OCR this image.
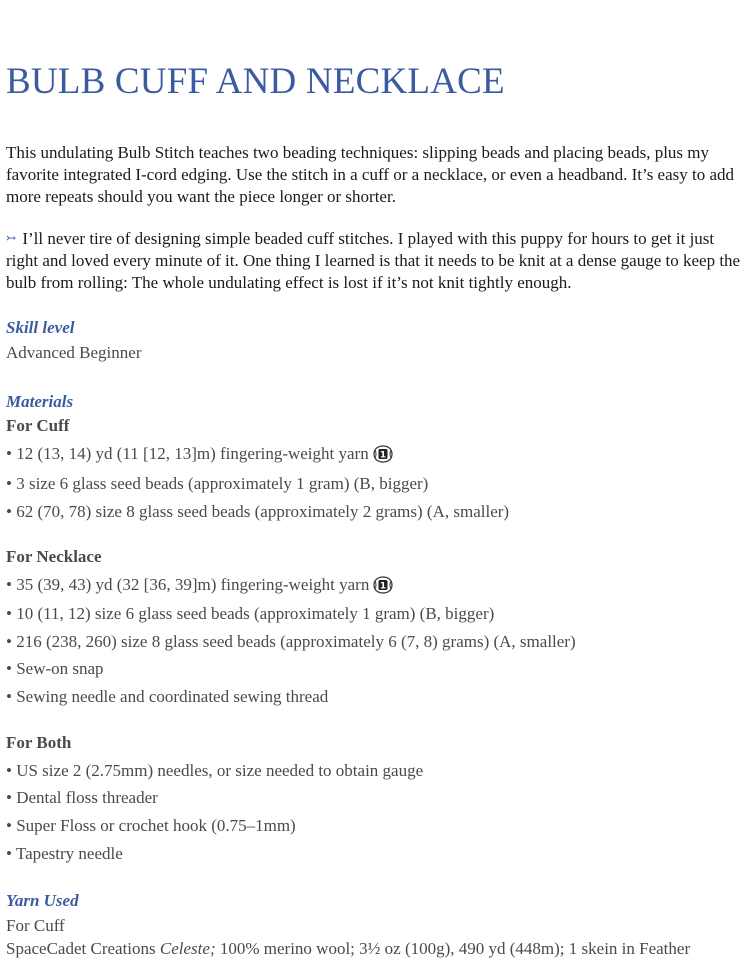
BULB CUFF AND NECKLACE

This undulating Bulb Stitch teaches two beading techniques: slipping beads and placing beads, plus my favorite integrated I-cord edging. Use the stitch in a cuff or a necklace, or even a headband. It’s easy to add more repeats should you want the piece longer or shorter.

↣ I’ll never tire of designing simple beaded cuff stitches. I played with this puppy for hours to get it just right and loved every minute of it. One thing I learned is that it needs to be knit at a dense gauge to keep the bulb from rolling: The whole undulating effect is lost if it’s not knit tightly enough.

Skill level

Advanced Beginner

Materials
For Cuff

• 12 (13, 14) yd (11 [12, 13]m) fingering-weight yarn 1

• 3 size 6 glass seed beads (approximately 1 gram) (B, bigger)

• 62 (70, 78) size 8 glass seed beads (approximately 2 grams) (A, smaller)

For Necklace

• 35 (39, 43) yd (32 [36, 39]m) fingering-weight yarn 1

• 10 (11, 12) size 6 glass seed beads (approximately 1 gram) (B, bigger)

• 216 (238, 260) size 8 glass seed beads (approximately 6 (7, 8) grams) (A, smaller)

• Sew-on snap

• Sewing needle and coordinated sewing thread

For Both

• US size 2 (2.75mm) needles, or size needed to obtain gauge

• Dental floss threader

• Super Floss or crochet hook (0.75–1mm)

• Tapestry needle

Yarn Used

For Cuff

SpaceCadet Creations Celeste; 100% merino wool; 3½ oz (100g), 490 yd (448m); 1 skein in Feather
